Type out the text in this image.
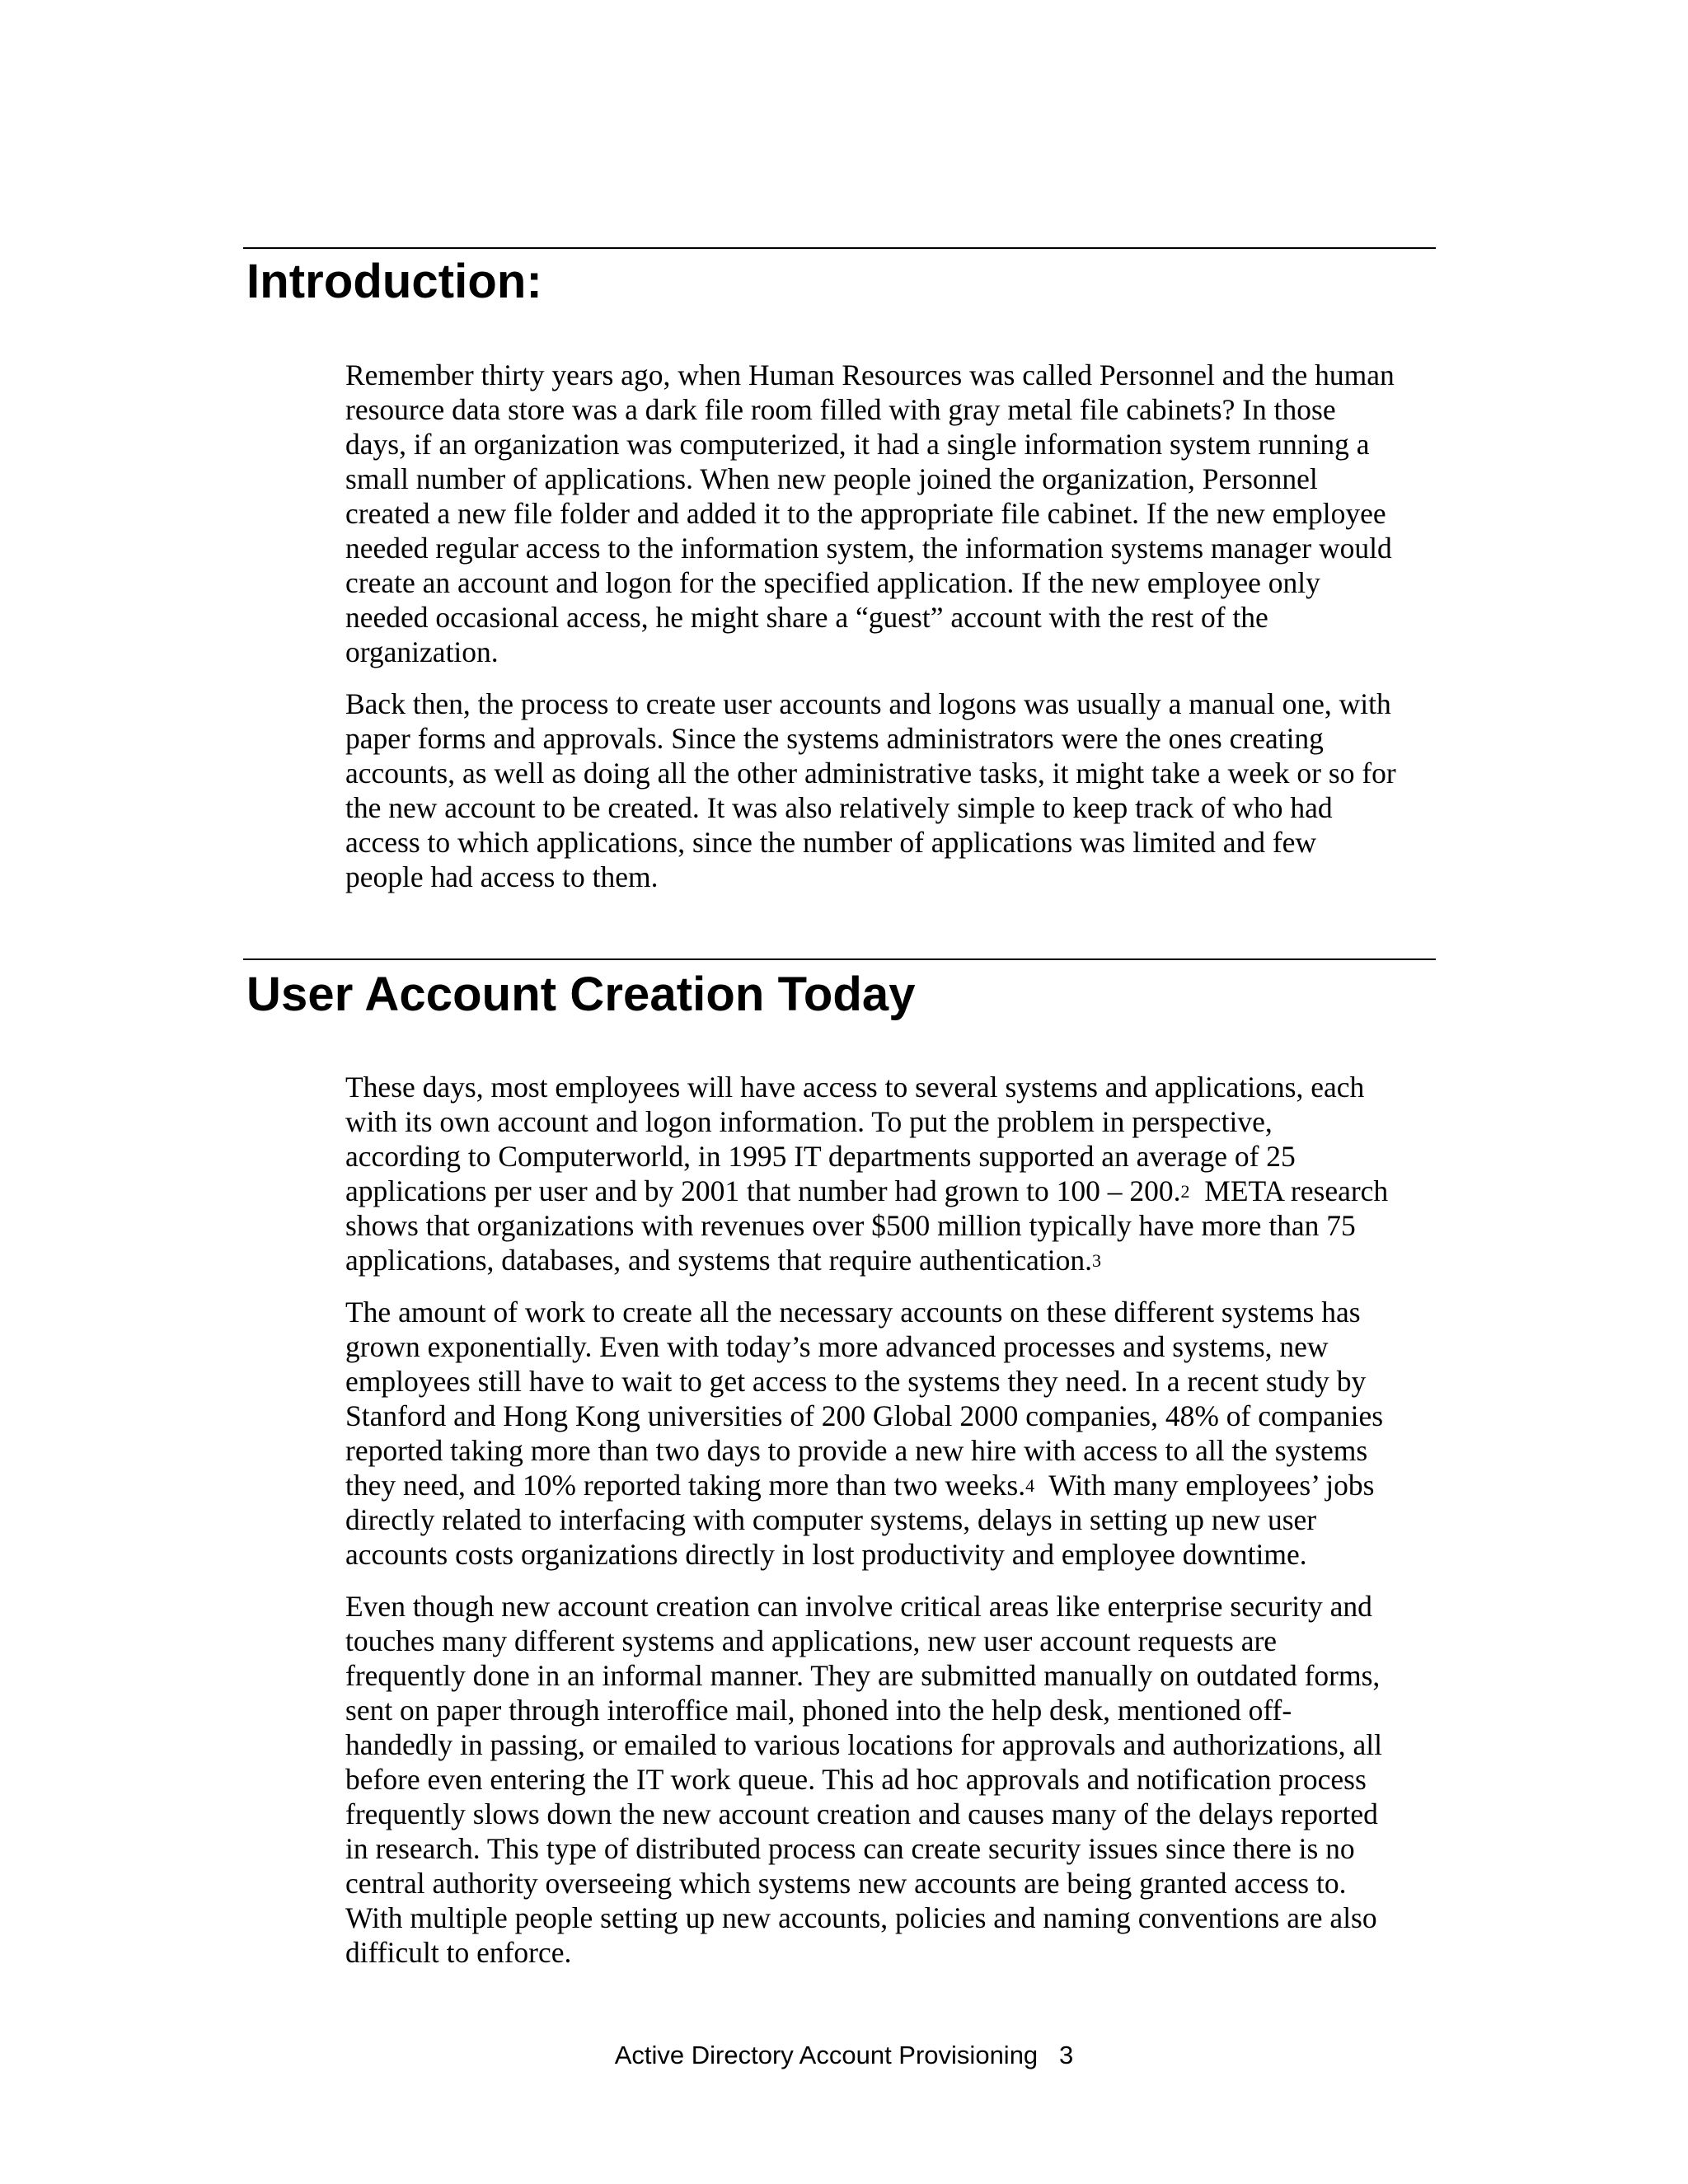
Introduction:

Remember thirty years ago, when Human Resources was called Personnel and the human
resource data store was a dark file room filled with gray metal file cabinets? In those
days, if an organization was computerized, it had a single information system running a
small number of applications. When new people joined the organization, Personnel
created a new file folder and added it to the appropriate file cabinet. If the new employee
needed regular access to the information system, the information systems manager would
create an account and logon for the specified application. If the new employee only
needed occasional access, he might share a “guest” account with the rest of the
organization.

Back then, the process to create user accounts and logons was usually a manual one, with
paper forms and approvals. Since the systems administrators were the ones creating
accounts, as well as doing all the other administrative tasks, it might take a week or so for
the new account to be created. It was also relatively simple to keep track of who had
access to which applications, since the number of applications was limited and few
people had access to them.

User Account Creation Today

These days, most employees will have access to several systems and applications, each
with its own account and logon information. To put the problem in perspective,
according to Computerworld, in 1995 IT departments supported an average of 25
applications per user and by 2001 that number had grown to 100 – 200.2  META research
shows that organizations with revenues over $500 million typically have more than 75
applications, databases, and systems that require authentication.3

The amount of work to create all the necessary accounts on these different systems has
grown exponentially. Even with today’s more advanced processes and systems, new
employees still have to wait to get access to the systems they need. In a recent study by
Stanford and Hong Kong universities of 200 Global 2000 companies, 48% of companies
reported taking more than two days to provide a new hire with access to all the systems
they need, and 10% reported taking more than two weeks.4  With many employees’ jobs
directly related to interfacing with computer systems, delays in setting up new user
accounts costs organizations directly in lost productivity and employee downtime.

Even though new account creation can involve critical areas like enterprise security and
touches many different systems and applications, new user account requests are
frequently done in an informal manner. They are submitted manually on outdated forms,
sent on paper through interoffice mail, phoned into the help desk, mentioned off-
handedly in passing, or emailed to various locations for approvals and authorizations, all
before even entering the IT work queue. This ad hoc approvals and notification process
frequently slows down the new account creation and causes many of the delays reported
in research. This type of distributed process can create security issues since there is no
central authority overseeing which systems new accounts are being granted access to.
With multiple people setting up new accounts, policies and naming conventions are also
difficult to enforce.

Active Directory Account Provisioning 3
